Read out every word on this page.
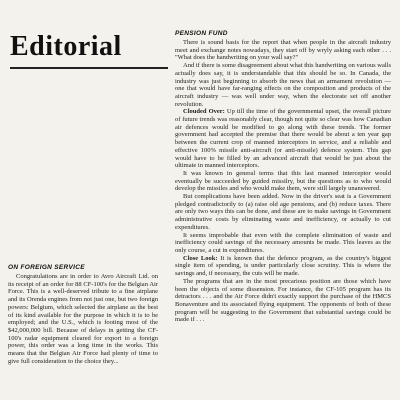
Editorial	PENSION FUND

There is sound basis for the report that when people in the aircraft industry meet and exchange notes nowadays, they start off by wryly asking each other . . . "What does the handwriting on your wall say?"

And if there is some disagreement about what this handwriting on various walls actually does say, it is understandable that this should be so. In Canada, the industry was just beginning to absorb the news that an armament revolution — one that would have far-ranging effects on the composition and products of the aircraft industry — was well under way, when the electorate set off another revolution.

Clouded Over: Up till the time of the governmental upset, the overall picture of future trends was reasonably clear, though not quite so clear was how Canadian air defences would be modified to go along with these trends. The former government had accepted the premise that there would be about a ten year gap between the current crop of manned interceptors in service, and a reliable and effective 100% missile anti-aircraft (or anti-missile) defence system. This gap would have to be filled by an advanced aircraft that would be just about the ultimate in manned interceptors.

It was known in general terms that this last manned interceptor would eventually be succeeded by guided missilry, but the questions as to who would develop the missiles and who would make them, were still largely unanswered.

But complications have been added. Now in the driver's seat is a Government pledged contradictorily to (a) raise old age pensions, and (b) reduce taxes. There are only two ways this can be done, and these are to make savings in Government administrative costs by eliminating waste and inefficiency, or actually to cut expenditures.

It seems improbable that even with the complete elimination of waste and inefficiency could savings of the necessary amounts be made. This leaves as the only course, a cut in expenditures.

Close Look: It is known that the defence program, as the country's biggest single item of spending, is under particularly close scrutiny. This is where the savings and, if necessary, the cuts will be made.

The programs that are in the most precarious position are those which have been the objects of some dissension. For instance, the CF-105 program has its detractors . . . and the Air Force didn't exactly support the purchase of the HMCS Bonaventure and its associated flying equipment. The opponents of both of these program will be suggesting to the Government that substantial savings could be made if . . .

ON FOREIGN SERVICE

Congratulations are in order to Avro Aircraft Ltd. on its receipt of an order for 88 CF-100's for the Belgian Air Force. This is a well-deserved tribute to a fine airplane and its Orenda engines from not just one, but two foreign powers: Belgium, which selected the airplane as the best of its kind available for the purpose in which it is to be employed; and the U.S., which is footing most of the $42,000,000 bill. Because of delays in getting the CF-100's radar equipment cleared for export to a foreign power, this order was a long time in the works. This means that the Belgian Air Force had plenty of time to give full consideration to the choice they...
